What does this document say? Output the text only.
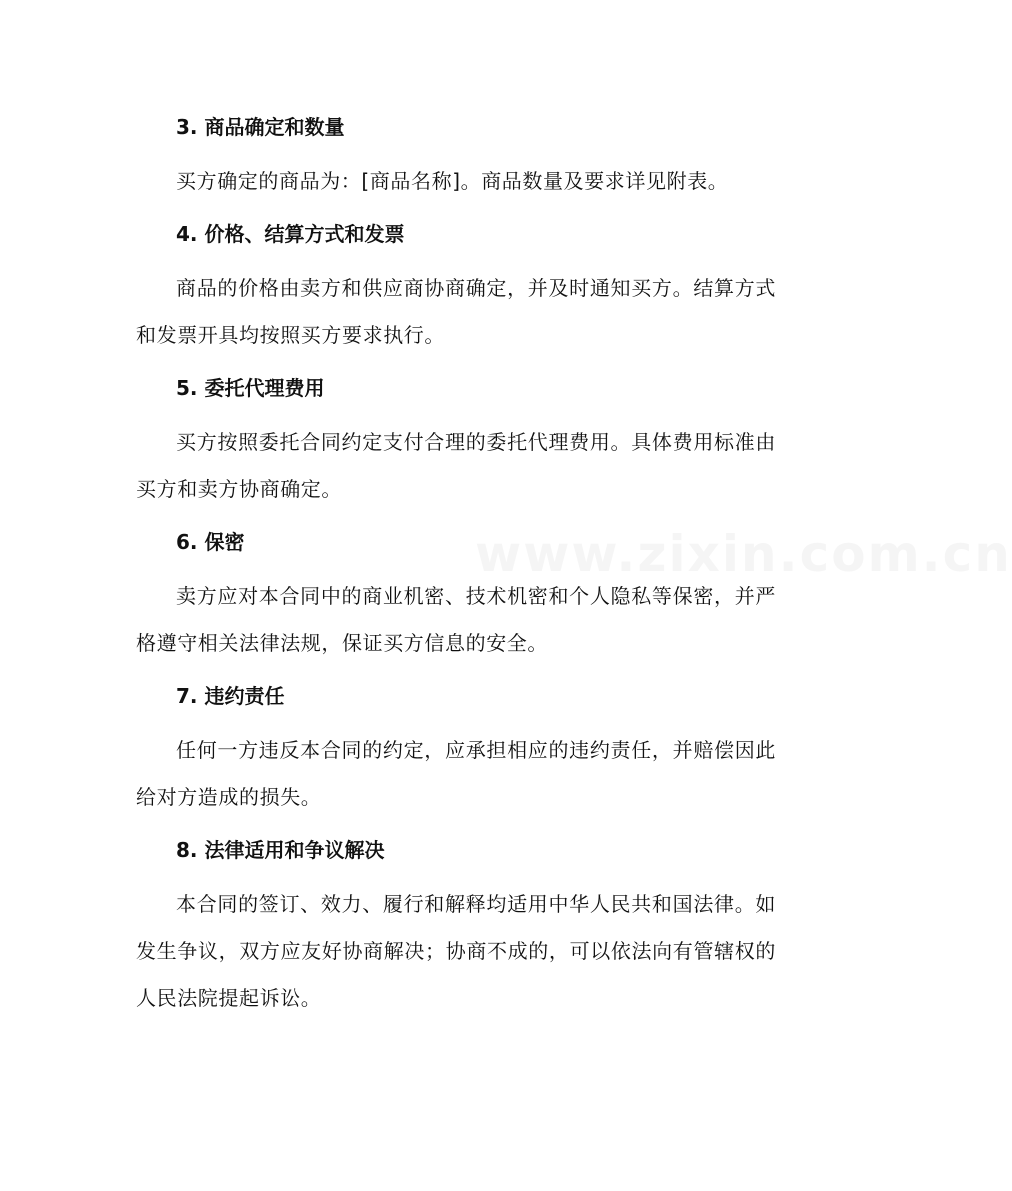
www.zixin.com.cn
3. 商品确定和数量

买方确定的商品为：[商品名称]。商品数量及要求详见附表。

4. 价格、结算方式和发票

商品的价格由卖方和供应商协商确定，并及时通知买方。结算方式和发票开具均按照买方要求执行。

5. 委托代理费用

买方按照委托合同约定支付合理的委托代理费用。具体费用标准由买方和卖方协商确定。

6. 保密

卖方应对本合同中的商业机密、技术机密和个人隐私等保密，并严格遵守相关法律法规，保证买方信息的安全。

7. 违约责任

任何一方违反本合同的约定，应承担相应的违约责任，并赔偿因此给对方造成的损失。

8. 法律适用和争议解决

本合同的签订、效力、履行和解释均适用中华人民共和国法律。如发生争议，双方应友好协商解决；协商不成的，可以依法向有管辖权的人民法院提起诉讼。
